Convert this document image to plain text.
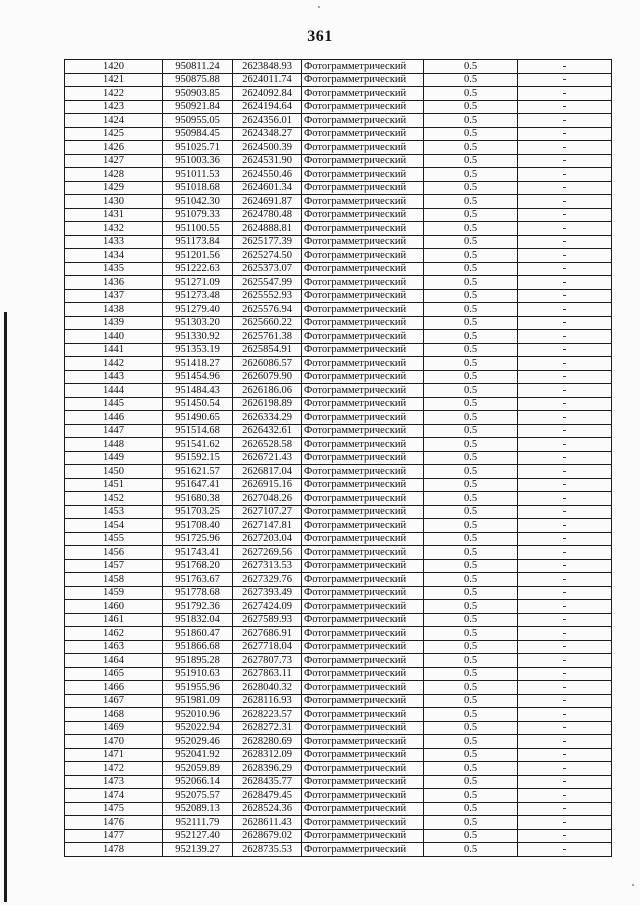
361
1420	950811.24	2623848.93	Фотограмметрический	0.5	-
1421	950875.88	2624011.74	Фотограмметрический	0.5	-
1422	950903.85	2624092.84	Фотограмметрический	0.5	-
1423	950921.84	2624194.64	Фотограмметрический	0.5	-
1424	950955.05	2624356.01	Фотограмметрический	0.5	-
1425	950984.45	2624348.27	Фотограмметрический	0.5	-
1426	951025.71	2624500.39	Фотограмметрический	0.5	-
1427	951003.36	2624531.90	Фотограмметрический	0.5	-
1428	951011.53	2624550.46	Фотограмметрический	0.5	-
1429	951018.68	2624601.34	Фотограмметрический	0.5	-
1430	951042.30	2624691.87	Фотограмметрический	0.5	-
1431	951079.33	2624780.48	Фотограмметрический	0.5	-
1432	951100.55	2624888.81	Фотограмметрический	0.5	-
1433	951173.84	2625177.39	Фотограмметрический	0.5	-
1434	951201.56	2625274.50	Фотограмметрический	0.5	-
1435	951222.63	2625373.07	Фотограмметрический	0.5	-
1436	951271.09	2625547.99	Фотограмметрический	0.5	-
1437	951273.48	2625552.93	Фотограмметрический	0.5	-
1438	951279.40	2625576.94	Фотограмметрический	0.5	-
1439	951303.20	2625660.22	Фотограмметрический	0.5	-
1440	951330.92	2625761.38	Фотограмметрический	0.5	-
1441	951353.19	2625854.91	Фотограмметрический	0.5	-
1442	951418.27	2626086.57	Фотограмметрический	0.5	-
1443	951454.96	2626079.90	Фотограмметрический	0.5	-
1444	951484.43	2626186.06	Фотограмметрический	0.5	-
1445	951450.54	2626198.89	Фотограмметрический	0.5	-
1446	951490.65	2626334.29	Фотограмметрический	0.5	-
1447	951514.68	2626432.61	Фотограмметрический	0.5	-
1448	951541.62	2626528.58	Фотограмметрический	0.5	-
1449	951592.15	2626721.43	Фотограмметрический	0.5	-
1450	951621.57	2626817.04	Фотограмметрический	0.5	-
1451	951647.41	2626915.16	Фотограмметрический	0.5	-
1452	951680.38	2627048.26	Фотограмметрический	0.5	-
1453	951703.25	2627107.27	Фотограмметрический	0.5	-
1454	951708.40	2627147.81	Фотограмметрический	0.5	-
1455	951725.96	2627203.04	Фотограмметрический	0.5	-
1456	951743.41	2627269.56	Фотограмметрический	0.5	-
1457	951768.20	2627313.53	Фотограмметрический	0.5	-
1458	951763.67	2627329.76	Фотограмметрический	0.5	-
1459	951778.68	2627393.49	Фотограмметрический	0.5	-
1460	951792.36	2627424.09	Фотограмметрический	0.5	-
1461	951832.04	2627589.93	Фотограмметрический	0.5	-
1462	951860.47	2627686.91	Фотограмметрический	0.5	-
1463	951866.68	2627718.04	Фотограмметрический	0.5	-
1464	951895.28	2627807.73	Фотограмметрический	0.5	-
1465	951910.63	2627863.11	Фотограмметрический	0.5	-
1466	951955.96	2628040.32	Фотограмметрический	0.5	-
1467	951981.09	2628116.93	Фотограмметрический	0.5	-
1468	952010.96	2628223.57	Фотограмметрический	0.5	-
1469	952022.94	2628272.31	Фотограмметрический	0.5	-
1470	952029.46	2628280.69	Фотограмметрический	0.5	-
1471	952041.92	2628312.09	Фотограмметрический	0.5	-
1472	952059.89	2628396.29	Фотограмметрический	0.5	-
1473	952066.14	2628435.77	Фотограмметрический	0.5	-
1474	952075.57	2628479.45	Фотограмметрический	0.5	-
1475	952089.13	2628524.36	Фотограмметрический	0.5	-
1476	952111.79	2628611.43	Фотограмметрический	0.5	-
1477	952127.40	2628679.02	Фотограмметрический	0.5	-
1478	952139.27	2628735.53	Фотограмметрический	0.5	-
